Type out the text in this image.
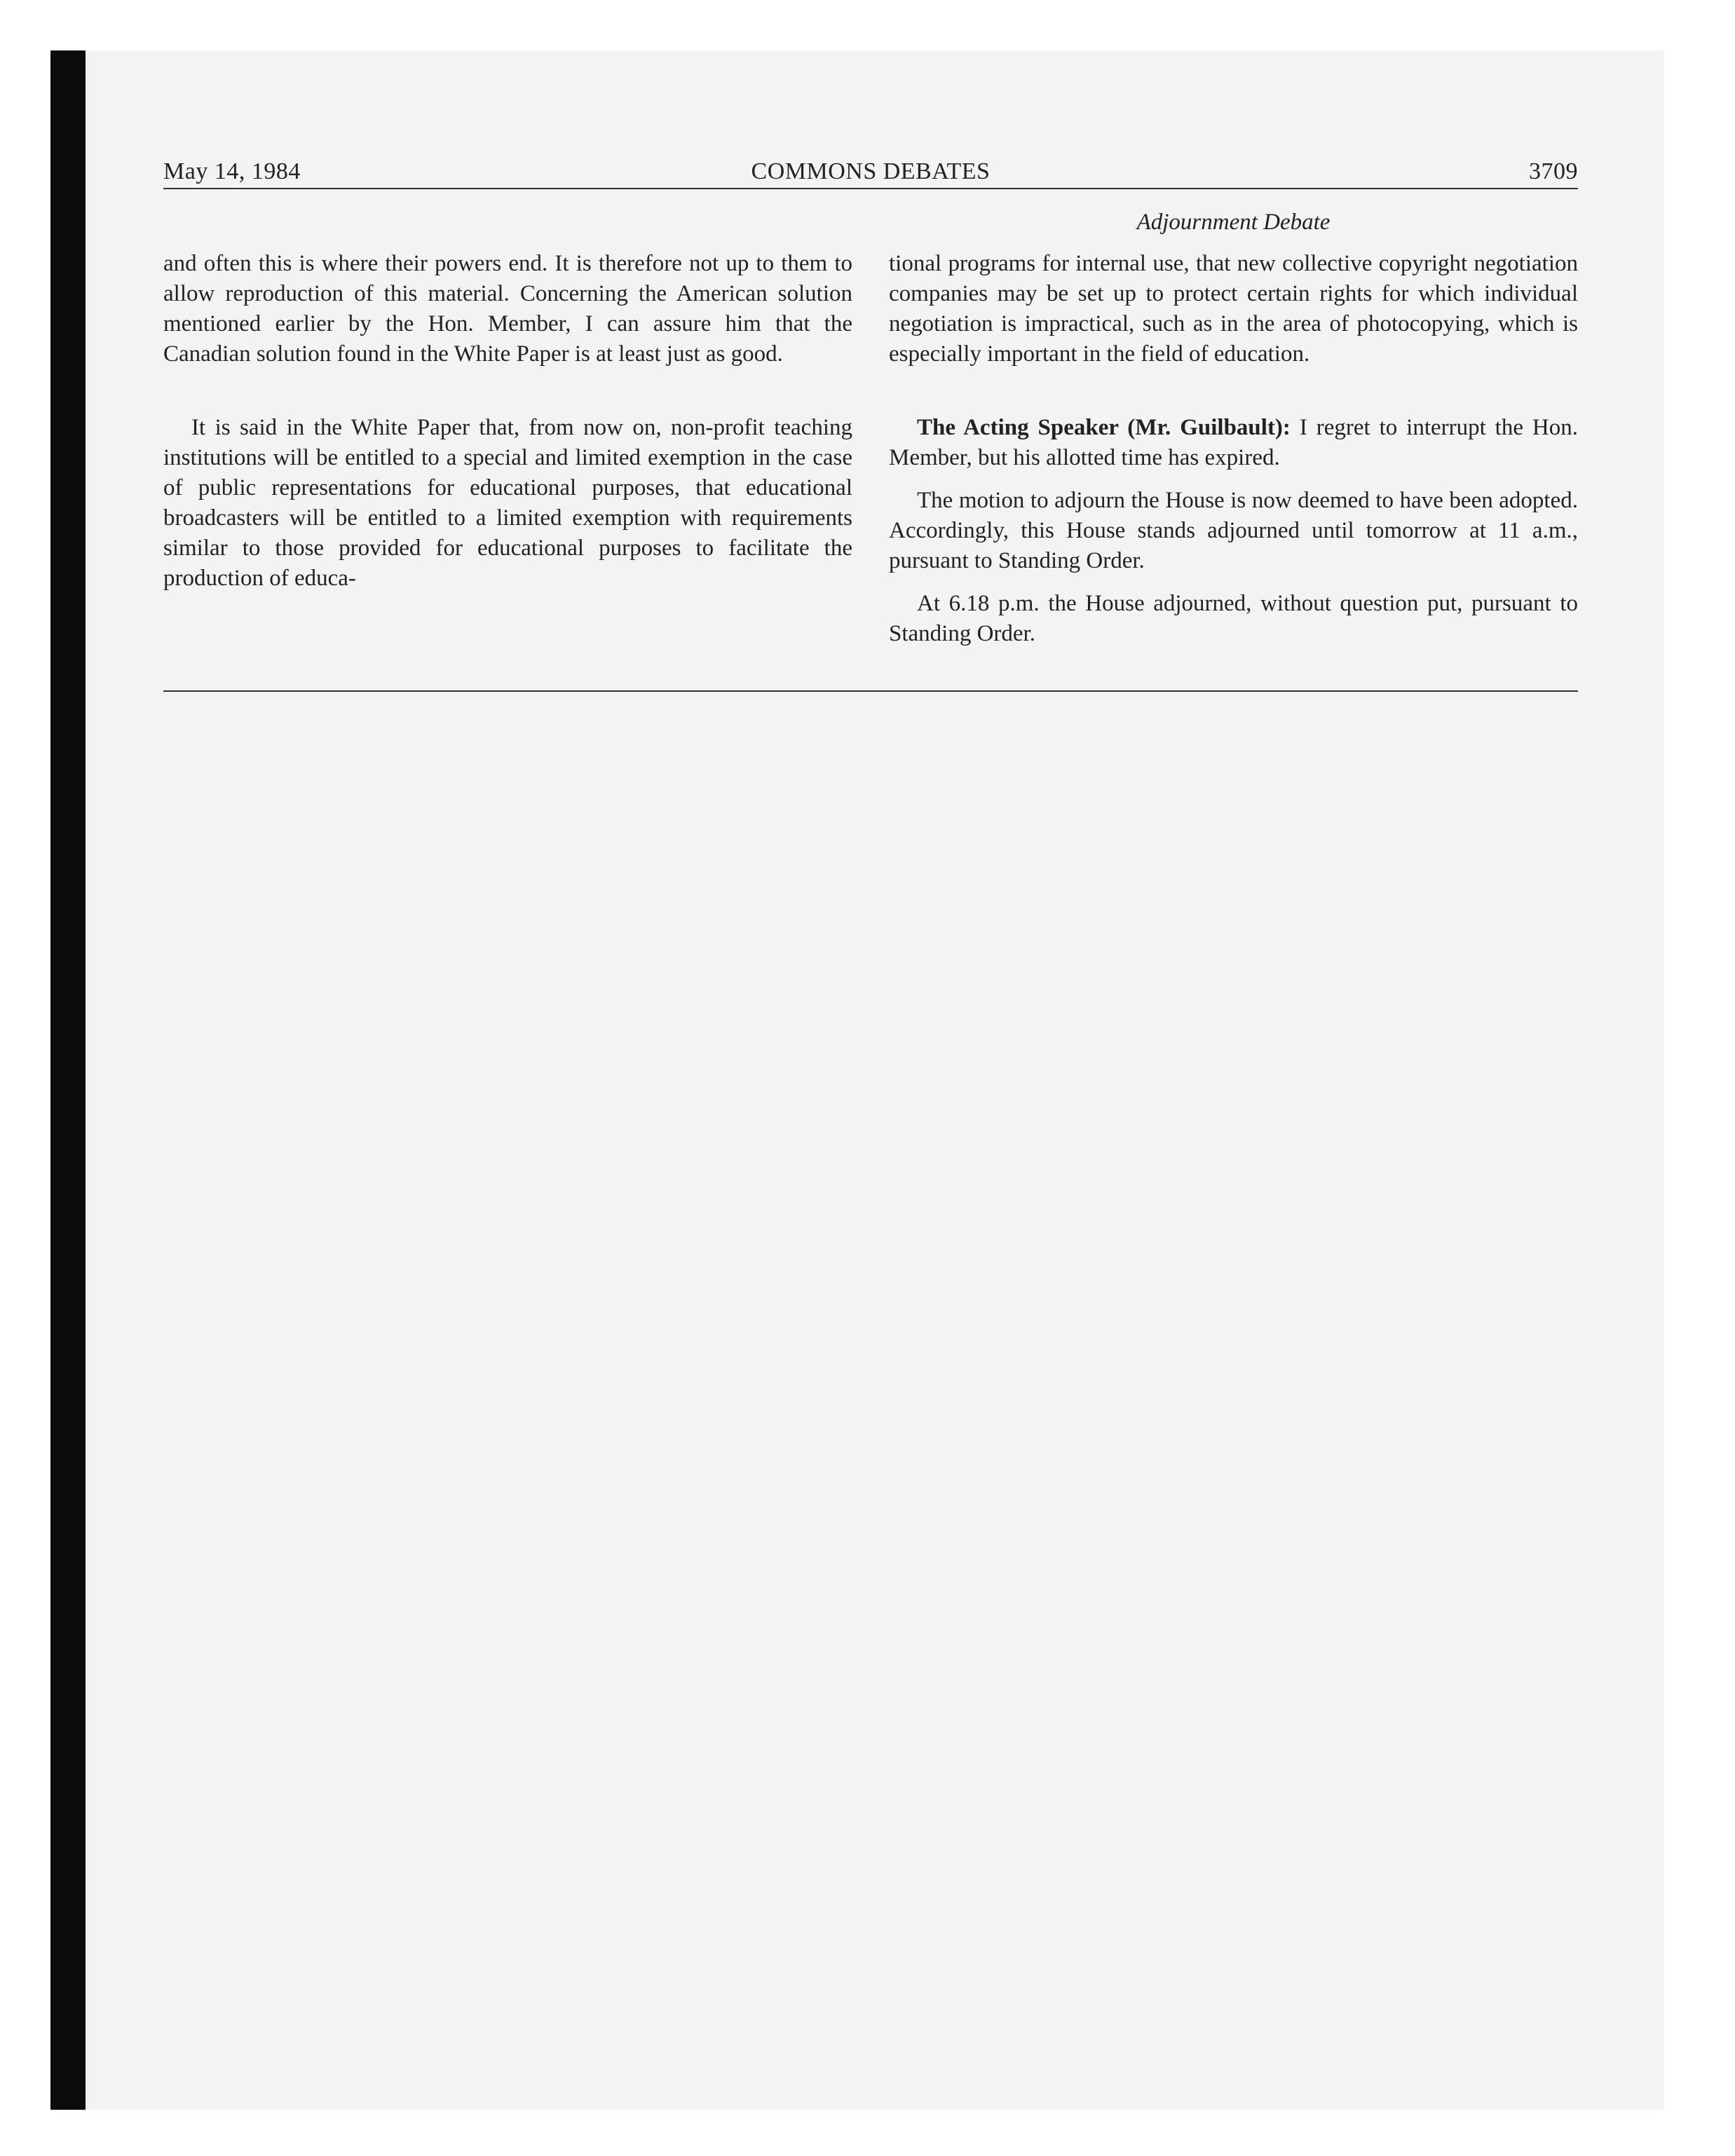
May 14, 1984	COMMONS DEBATES	3709
Adjournment Debate

and often this is where their powers end. It is therefore not up to them to allow reproduction of this material. Concerning the American solution mentioned earlier by the Hon. Member, I can assure him that the Canadian solution found in the White Paper is at least just as good.

It is said in the White Paper that, from now on, non-profit teaching institutions will be entitled to a special and limited exemption in the case of public representations for educational purposes, that educational broadcasters will be entitled to a limited exemption with requirements similar to those provided for educational purposes to facilitate the production of educa-

tional programs for internal use, that new collective copyright negotiation companies may be set up to protect certain rights for which individual negotiation is impractical, such as in the area of photocopying, which is especially important in the field of education.

The Acting Speaker (Mr. Guilbault): I regret to interrupt the Hon. Member, but his allotted time has expired.

The motion to adjourn the House is now deemed to have been adopted. Accordingly, this House stands adjourned until tomorrow at 11 a.m., pursuant to Standing Order.

At 6.18 p.m. the House adjourned, without question put, pursuant to Standing Order.
